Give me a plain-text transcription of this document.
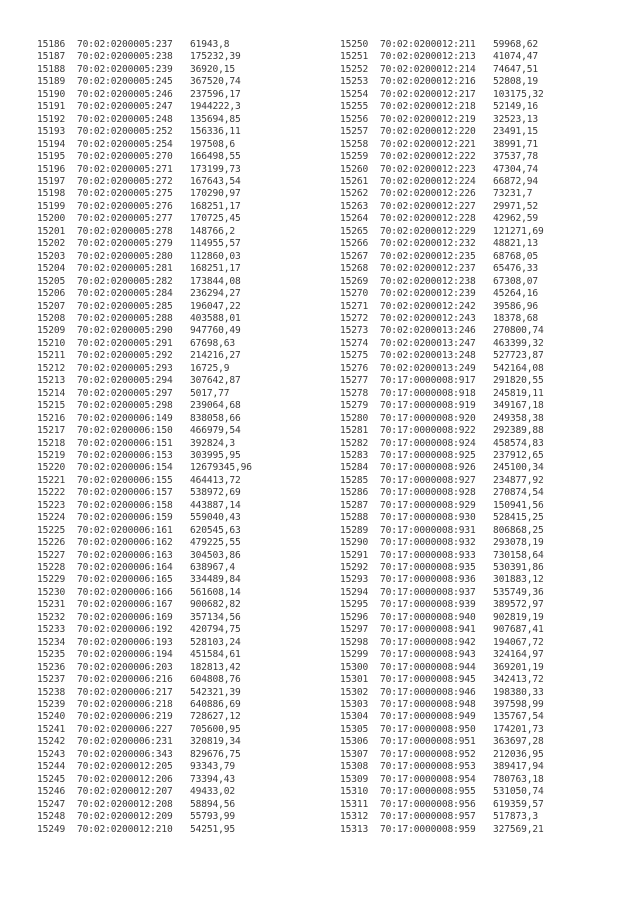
15186	70:02:0200005:237	61943,8
15187	70:02:0200005:238	175232,39
15188	70:02:0200005:239	36920,15
15189	70:02:0200005:245	367520,74
15190	70:02:0200005:246	237596,17
15191	70:02:0200005:247	1944222,3
15192	70:02:0200005:248	135694,85
15193	70:02:0200005:252	156336,11
15194	70:02:0200005:254	197508,6
15195	70:02:0200005:270	166498,55
15196	70:02:0200005:271	173199,73
15197	70:02:0200005:272	167643,54
15198	70:02:0200005:275	170290,97
15199	70:02:0200005:276	168251,17
15200	70:02:0200005:277	170725,45
15201	70:02:0200005:278	148766,2
15202	70:02:0200005:279	114955,57
15203	70:02:0200005:280	112860,03
15204	70:02:0200005:281	168251,17
15205	70:02:0200005:282	173844,08
15206	70:02:0200005:284	236294,27
15207	70:02:0200005:285	196047,22
15208	70:02:0200005:288	403588,01
15209	70:02:0200005:290	947760,49
15210	70:02:0200005:291	67698,63
15211	70:02:0200005:292	214216,27
15212	70:02:0200005:293	16725,9
15213	70:02:0200005:294	307642,87
15214	70:02:0200005:297	5017,77
15215	70:02:0200005:298	239064,68
15216	70:02:0200006:149	838058,66
15217	70:02:0200006:150	466979,54
15218	70:02:0200006:151	392824,3
15219	70:02:0200006:153	303995,95
15220	70:02:0200006:154	12679345,96
15221	70:02:0200006:155	464413,72
15222	70:02:0200006:157	538972,69
15223	70:02:0200006:158	443887,14
15224	70:02:0200006:159	559040,43
15225	70:02:0200006:161	620545,63
15226	70:02:0200006:162	479225,55
15227	70:02:0200006:163	304503,86
15228	70:02:0200006:164	638967,4
15229	70:02:0200006:165	334489,84
15230	70:02:0200006:166	561608,14
15231	70:02:0200006:167	900682,82
15232	70:02:0200006:169	357134,56
15233	70:02:0200006:192	420794,75
15234	70:02:0200006:193	528103,24
15235	70:02:0200006:194	451584,61
15236	70:02:0200006:203	182813,42
15237	70:02:0200006:216	604808,76
15238	70:02:0200006:217	542321,39
15239	70:02:0200006:218	640886,69
15240	70:02:0200006:219	728627,12
15241	70:02:0200006:227	705600,95
15242	70:02:0200006:231	320819,34
15243	70:02:0200006:343	829676,75
15244	70:02:0200012:205	93343,79
15245	70:02:0200012:206	73394,43
15246	70:02:0200012:207	49433,02
15247	70:02:0200012:208	58894,56
15248	70:02:0200012:209	55793,99
15249	70:02:0200012:210	54251,95
15250	70:02:0200012:211	59968,62
15251	70:02:0200012:213	41074,47
15252	70:02:0200012:214	74647,51
15253	70:02:0200012:216	52808,19
15254	70:02:0200012:217	103175,32
15255	70:02:0200012:218	52149,16
15256	70:02:0200012:219	32523,13
15257	70:02:0200012:220	23491,15
15258	70:02:0200012:221	38991,71
15259	70:02:0200012:222	37537,78
15260	70:02:0200012:223	47304,74
15261	70:02:0200012:224	66872,94
15262	70:02:0200012:226	73231,7
15263	70:02:0200012:227	29971,52
15264	70:02:0200012:228	42962,59
15265	70:02:0200012:229	121271,69
15266	70:02:0200012:232	48821,13
15267	70:02:0200012:235	68768,05
15268	70:02:0200012:237	65476,33
15269	70:02:0200012:238	67308,07
15270	70:02:0200012:239	45264,16
15271	70:02:0200012:242	39586,96
15272	70:02:0200012:243	18378,68
15273	70:02:0200013:246	270800,74
15274	70:02:0200013:247	463399,32
15275	70:02:0200013:248	527723,87
15276	70:02:0200013:249	542164,08
15277	70:17:0000008:917	291820,55
15278	70:17:0000008:918	245819,11
15279	70:17:0000008:919	349167,18
15280	70:17:0000008:920	249358,38
15281	70:17:0000008:922	292389,88
15282	70:17:0000008:924	458574,83
15283	70:17:0000008:925	237912,65
15284	70:17:0000008:926	245100,34
15285	70:17:0000008:927	234877,92
15286	70:17:0000008:928	270874,54
15287	70:17:0000008:929	150941,56
15288	70:17:0000008:930	528415,25
15289	70:17:0000008:931	806868,25
15290	70:17:0000008:932	293078,19
15291	70:17:0000008:933	730158,64
15292	70:17:0000008:935	530391,86
15293	70:17:0000008:936	301883,12
15294	70:17:0000008:937	535749,36
15295	70:17:0000008:939	389572,97
15296	70:17:0000008:940	902819,19
15297	70:17:0000008:941	907687,41
15298	70:17:0000008:942	194067,72
15299	70:17:0000008:943	324164,97
15300	70:17:0000008:944	369201,19
15301	70:17:0000008:945	342413,72
15302	70:17:0000008:946	198380,33
15303	70:17:0000008:948	397598,99
15304	70:17:0000008:949	135767,54
15305	70:17:0000008:950	174201,73
15306	70:17:0000008:951	363697,28
15307	70:17:0000008:952	212036,95
15308	70:17:0000008:953	389417,94
15309	70:17:0000008:954	780763,18
15310	70:17:0000008:955	531050,74
15311	70:17:0000008:956	619359,57
15312	70:17:0000008:957	517873,3
15313	70:17:0000008:959	327569,21
